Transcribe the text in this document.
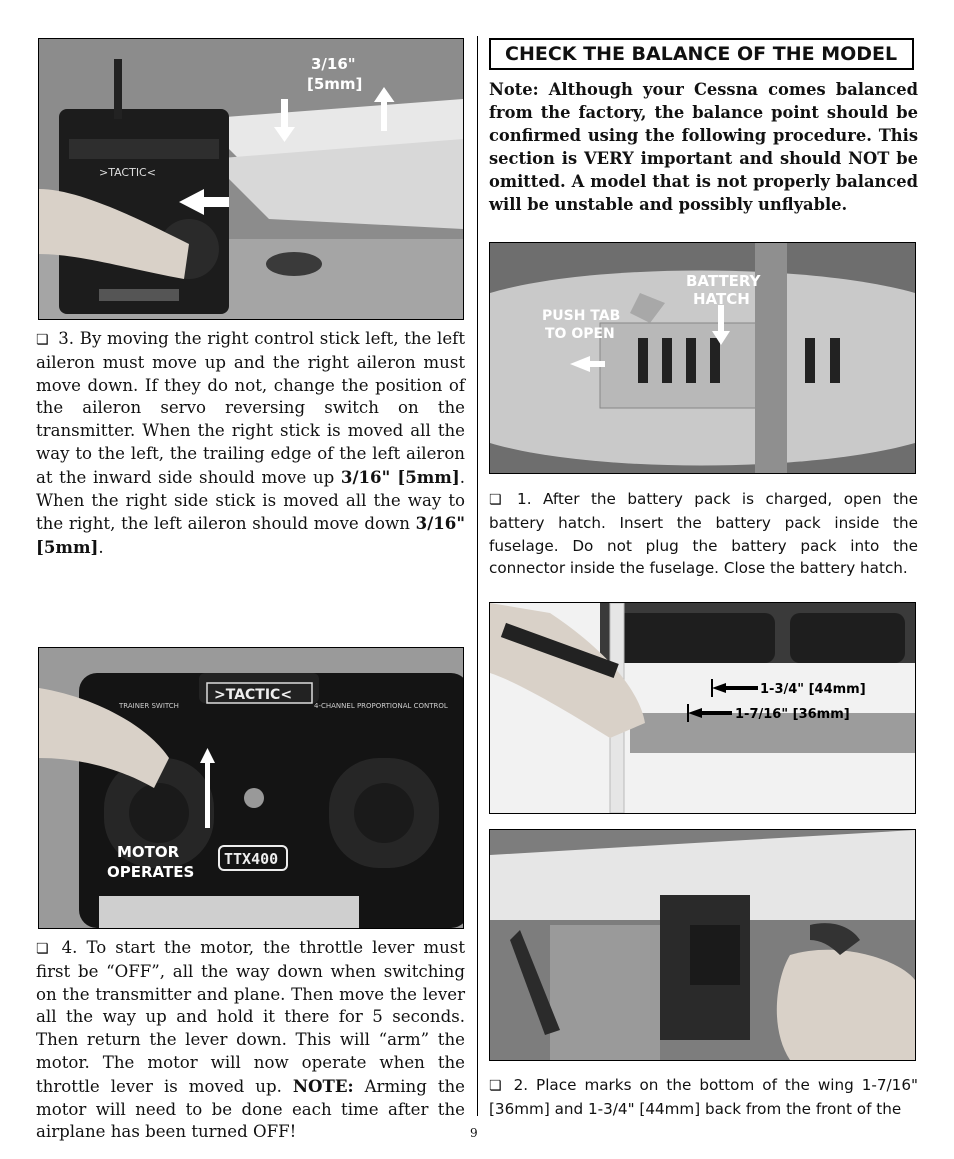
>TACTIC<
3/16"
[5mm]

❏ 3. By moving the right control stick left, the left aileron must move up and the right aileron must move down. If they do not, change the position of the aileron servo reversing switch on the transmitter. When the right stick is moved all the way to the left, the trailing edge of the left aileron at the inward side should move up 3/16" [5mm]. When the right side stick is moved all the way to the right, the left aileron should move down 3/16" [5mm].

>TACTIC<
4-CHANNEL PROPORTIONAL CONTROL
TRAINER SWITCH
TTX400
MOTOR
OPERATES

❏ 4. To start the motor, the throttle lever must first be “OFF”, all the way down when switching on the transmitter and plane. Then move the lever all the way up and hold it there for 5 seconds. Then return the lever down. This will “arm” the motor. The motor will now operate when the throttle lever is moved up. NOTE: Arming the motor will need to be done each time after the airplane has been turned OFF!

CHECK THE BALANCE OF THE MODEL

Note: Although your Cessna comes balanced from the factory, the balance point should be confirmed using the following procedure. This section is VERY important and should NOT be omitted. A model that is not properly balanced will be unstable and possibly unflyable.

BATTERY
HATCH
PUSH TAB
TO OPEN

❏ 1. After the battery pack is charged, open the battery hatch. Insert the battery pack inside the fuselage. Do not plug the battery pack into the connector inside the fuselage. Close the battery hatch.

1-3/4" [44mm]
1-7/16" [36mm]

❏ 2. Place marks on the bottom of the wing 1-7/16" [36mm] and 1-3/4" [44mm] back from the front of the

9
